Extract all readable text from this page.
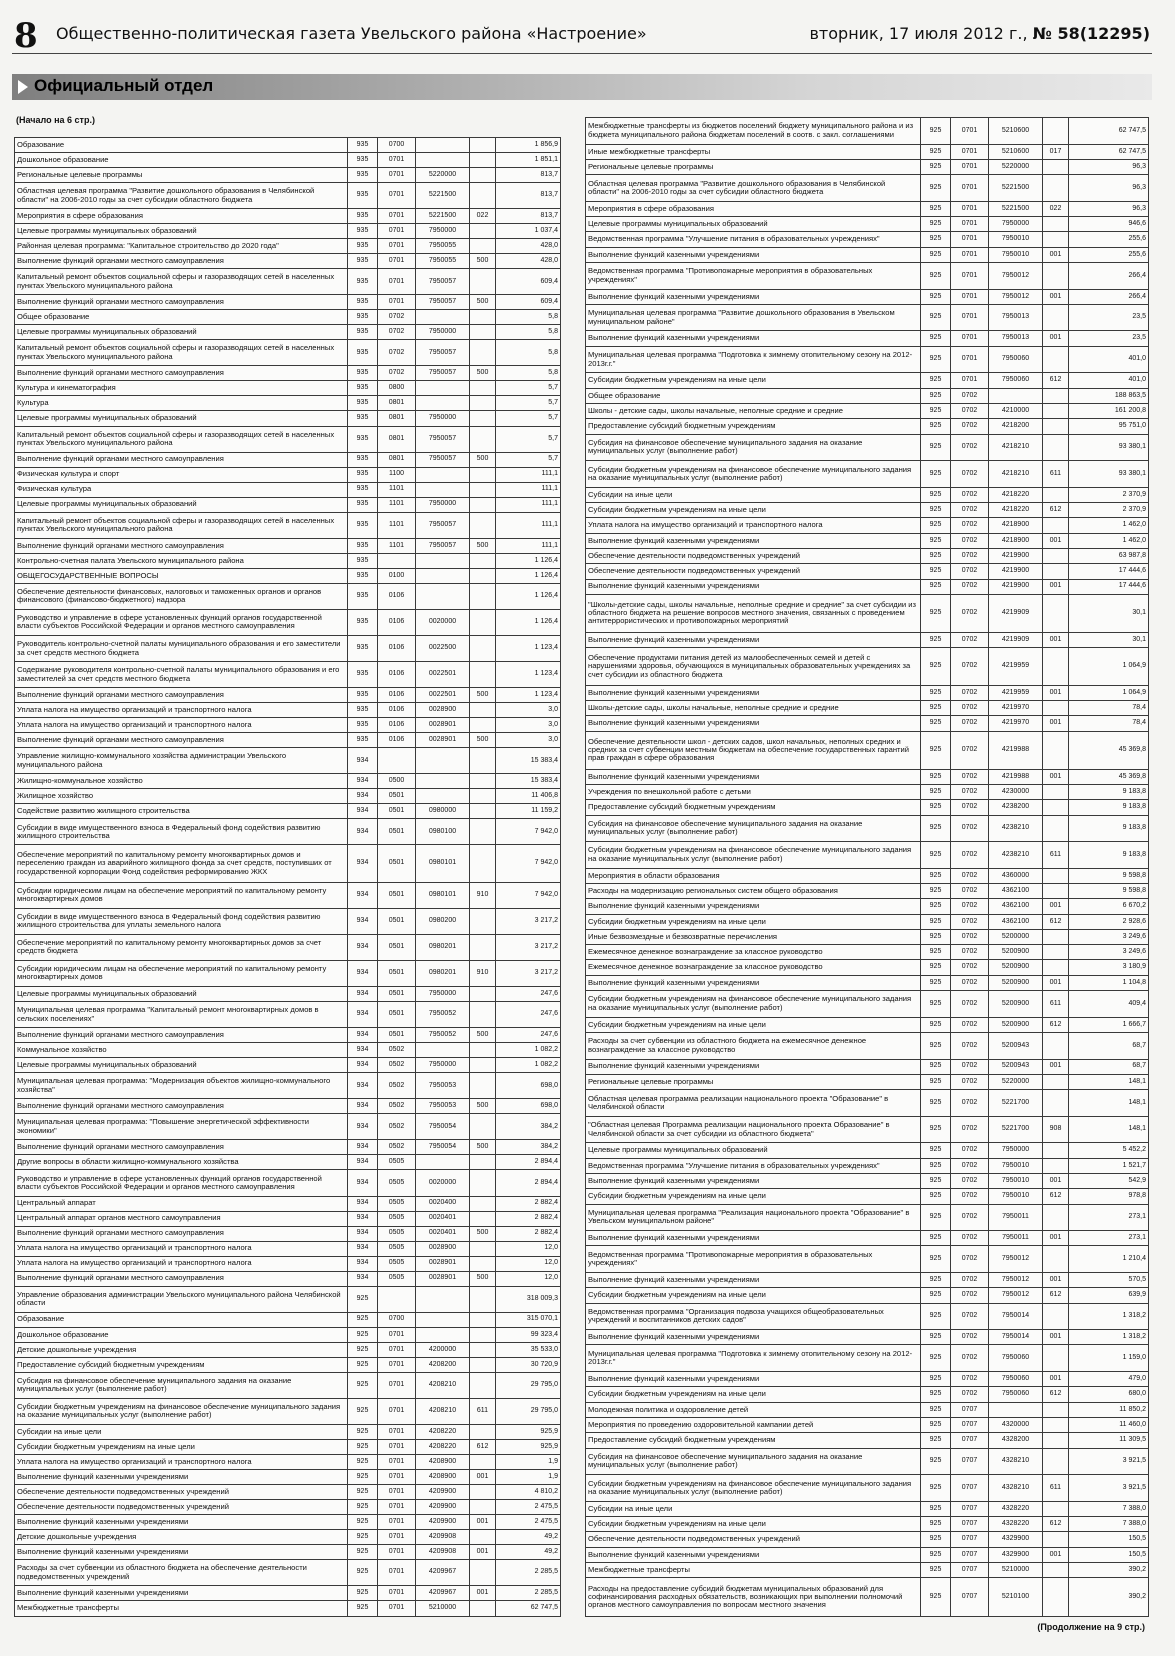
8 Общественно-политическая газета Увельского района «Настроение»	вторник, 17 июля 2012 г., № 58(12295)
Официальный отдел
(Начало на 6 стр.)
Образование	935	0700			1 856,9
Дошкольное образование	935	0701			1 851,1
Региональные целевые программы	935	0701	5220000		813,7
Областная целевая программа "Развитие дошкольного образования в Челябинской области" на 2006-2010 годы за счет субсидии областного бюджета	935	0701	5221500		813,7
Мероприятия в сфере образования	935	0701	5221500	022	813,7
Целевые программы муниципальных образований	935	0701	7950000		1 037,4
Районная целевая программа: "Капитальное строительство до 2020 года"	935	0701	7950055		428,0
Выполнение функций органами местного самоуправления	935	0701	7950055	500	428,0
Капитальный ремонт объектов социальной сферы и газоразводящих сетей в населенных пунктах Увельского муниципального района	935	0701	7950057		609,4
Выполнение функций органами местного самоуправления	935	0701	7950057	500	609,4
Общее образование	935	0702			5,8
Целевые программы муниципальных образований	935	0702	7950000		5,8
Капитальный ремонт объектов социальной сферы и газоразводящих сетей в населенных пунктах Увельского муниципального района	935	0702	7950057		5,8
Выполнение функций органами местного самоуправления	935	0702	7950057	500	5,8
Культура и кинематография	935	0800			5,7
Культура	935	0801			5,7
Целевые программы муниципальных образований	935	0801	7950000		5,7
Капитальный ремонт объектов социальной сферы и газоразводящих сетей в населенных пунктах Увельского муниципального района	935	0801	7950057		5,7
Выполнение функций органами местного самоуправления	935	0801	7950057	500	5,7
Физическая культура и спорт	935	1100			111,1
Физическая культура	935	1101			111,1
Целевые программы муниципальных образований	935	1101	7950000		111,1
Капитальный ремонт объектов социальной сферы и газоразводящих сетей в населенных пунктах Увельского муниципального района	935	1101	7950057		111,1
Выполнение функций органами местного самоуправления	935	1101	7950057	500	111,1
Контрольно-счетная палата Увельского муниципального района	935				1 126,4
ОБЩЕГОСУДАРСТВЕННЫЕ ВОПРОСЫ	935	0100			1 126,4
Обеспечение деятельности финансовых, налоговых и таможенных органов и органов финансового (финансово-бюджетного) надзора	935	0106			1 126,4
Руководство и управление в сфере установленных функций органов государственной власти субъектов Российской Федерации и органов местного самоуправления	935	0106	0020000		1 126,4
Руководитель контрольно-счетной палаты муниципального образования и его заместители за счет средств местного бюджета	935	0106	0022500		1 123,4
Содержание руководителя контрольно-счетной палаты муниципального образования и его заместителей за счет средств местного бюджета	935	0106	0022501		1 123,4
Выполнение функций органами местного самоуправления	935	0106	0022501	500	1 123,4
Уплата налога на имущество организаций и транспортного налога	935	0106	0028900		3,0
Уплата налога на имущество организаций и транспортного налога	935	0106	0028901		3,0
Выполнение функций органами местного самоуправления	935	0106	0028901	500	3,0
Управление жилищно-коммунального хозяйства администрации Увельского муниципального района	934				15 383,4
Жилищно-коммунальное хозяйство	934	0500			15 383,4
Жилищное хозяйство	934	0501			11 406,8
Содействие развитию жилищного строительства	934	0501	0980000		11 159,2
Субсидии в виде имущественного взноса в Федеральный фонд содействия развитию жилищного строительства	934	0501	0980100		7 942,0
Обеспечение мероприятий по капитальному ремонту многоквартирных домов и переселению граждан из аварийного жилищного фонда за счет средств, поступивших от государственной корпорации Фонд содействия реформированию ЖКХ	934	0501	0980101		7 942,0
Субсидии юридическим лицам на обеспечение мероприятий по капитальному ремонту многоквартирных домов	934	0501	0980101	910	7 942,0
Субсидии в виде имущественного взноса в Федеральный фонд содействия развитию жилищного строительства для уплаты земельного налога	934	0501	0980200		3 217,2
Обеспечение мероприятий по капитальному ремонту многоквартирных домов за счет средств бюджета	934	0501	0980201		3 217,2
Субсидии юридическим лицам на обеспечение мероприятий по капитальному ремонту многоквартирных домов	934	0501	0980201	910	3 217,2
Целевые программы муниципальных образований	934	0501	7950000		247,6
Муниципальная целевая программа "Капитальный ремонт многоквартирных домов в сельских поселениях"	934	0501	7950052		247,6
Выполнение функций органами местного самоуправления	934	0501	7950052	500	247,6
Коммунальное хозяйство	934	0502			1 082,2
Целевые программы муниципальных образований	934	0502	7950000		1 082,2
Муниципальная целевая программа: "Модернизация объектов жилищно-коммунального хозяйства"	934	0502	7950053		698,0
Выполнение функций органами местного самоуправления	934	0502	7950053	500	698,0
Муниципальная целевая программа: "Повышение энергетической эффективности экономики"	934	0502	7950054		384,2
Выполнение функций органами местного самоуправления	934	0502	7950054	500	384,2
Другие вопросы в области жилищно-коммунального хозяйства	934	0505			2 894,4
Руководство и управление в сфере установленных функций органов государственной власти субъектов Российской Федерации и органов местного самоуправления	934	0505	0020000		2 894,4
Центральный аппарат	934	0505	0020400		2 882,4
Центральный аппарат органов местного самоуправления	934	0505	0020401		2 882,4
Выполнение функций органами местного самоуправления	934	0505	0020401	500	2 882,4
Уплата налога на имущество организаций и транспортного налога	934	0505	0028900		12,0
Уплата налога на имущество организаций и транспортного налога	934	0505	0028901		12,0
Выполнение функций органами местного самоуправления	934	0505	0028901	500	12,0
Управление образования администрации Увельского муниципального района Челябинской области	925				318 009,3
Образование	925	0700			315 070,1
Дошкольное образование	925	0701			99 323,4
Детские дошкольные учреждения	925	0701	4200000		35 533,0
Предоставление субсидий бюджетным учреждениям	925	0701	4208200		30 720,9
Субсидия на финансовое обеспечение муниципального задания на оказание муниципальных услуг (выполнение работ)	925	0701	4208210		29 795,0
Субсидии бюджетным учреждениям на финансовое обеспечение муниципального задания на оказание муниципальных услуг (выполнение работ)	925	0701	4208210	611	29 795,0
Субсидии на иные цели	925	0701	4208220		925,9
Субсидии бюджетным учреждениям на иные цели	925	0701	4208220	612	925,9
Уплата налога на имущество организаций и транспортного налога	925	0701	4208900		1,9
Выполнение функций казенными учреждениями	925	0701	4208900	001	1,9
Обеспечение деятельности подведомственных учреждений	925	0701	4209900		4 810,2
Обеспечение деятельности подведомственных учреждений	925	0701	4209900		2 475,5
Выполнение функций казенными учреждениями	925	0701	4209900	001	2 475,5
Детские дошкольные учреждения	925	0701	4209908		49,2
Выполнение функций казенными учреждениями	925	0701	4209908	001	49,2
Расходы за счет субвенции из областного бюджета на обеспечение деятельности подведомственных учреждений	925	0701	4209967		2 285,5
Выполнение функций казенными учреждениями	925	0701	4209967	001	2 285,5
Межбюджетные трансферты	925	0701	5210000		62 747,5
Межбюджетные трансферты из бюджетов поселений бюджету муниципального района и из бюджета муниципального района бюджетам поселений в соотв. с закл. соглашениями	925	0701	5210600		62 747,5
Иные межбюджетные трансферты	925	0701	5210600	017	62 747,5
Региональные целевые программы	925	0701	5220000		96,3
Областная целевая программа "Развитие дошкольного образования в Челябинской области" на 2006-2010 годы за счет субсидии областного бюджета	925	0701	5221500		96,3
Мероприятия в сфере образования	925	0701	5221500	022	96,3
Целевые программы муниципальных образований	925	0701	7950000		946,6
Ведомственная программа "Улучшение питания в образовательных учреждениях"	925	0701	7950010		255,6
Выполнение функций казенными учреждениями	925	0701	7950010	001	255,6
Ведомственная программа "Противопожарные мероприятия в образовательных учреждениях"	925	0701	7950012		266,4
Выполнение функций казенными учреждениями	925	0701	7950012	001	266,4
Муниципальная целевая программа "Развитие дошкольного образования в Увельском муниципальном районе"	925	0701	7950013		23,5
Выполнение функций казенными учреждениями	925	0701	7950013	001	23,5
Муниципальная целевая программа "Подготовка к зимнему отопительному сезону на 2012-2013г.г."	925	0701	7950060		401,0
Субсидии бюджетным учреждениям на иные цели	925	0701	7950060	612	401,0
Общее образование	925	0702			188 863,5
Школы - детские сады, школы начальные, неполные средние и средние	925	0702	4210000		161 200,8
Предоставление субсидий бюджетным учреждениям	925	0702	4218200		95 751,0
Субсидия на финансовое обеспечение муниципального задания на оказание муниципальных услуг (выполнение работ)	925	0702	4218210		93 380,1
Субсидии бюджетным учреждениям на финансовое обеспечение муниципального задания на оказание муниципальных услуг (выполнение работ)	925	0702	4218210	611	93 380,1
Субсидии на иные цели	925	0702	4218220		2 370,9
Субсидии бюджетным учреждениям на иные цели	925	0702	4218220	612	2 370,9
Уплата налога на имущество организаций и транспортного налога	925	0702	4218900		1 462,0
Выполнение функций казенными учреждениями	925	0702	4218900	001	1 462,0
Обеспечение деятельности подведомственных учреждений	925	0702	4219900		63 987,8
Обеспечение деятельности подведомственных учреждений	925	0702	4219900		17 444,6
Выполнение функций казенными учреждениями	925	0702	4219900	001	17 444,6
"Школы-детские сады, школы начальные, неполные средние и средние" за счет субсидии из областного бюджета на решение вопросов местного значения, связанных с проведением антитеррористических и противопожарных мероприятий	925	0702	4219909		30,1
Выполнение функций казенными учреждениями	925	0702	4219909	001	30,1
Обеспечение продуктами питания детей из малообеспеченных семей и детей с нарушениями здоровья, обучающихся в муниципальных образовательных учреждениях за счет субсидии из областного бюджета	925	0702	4219959		1 064,9
Выполнение функций казенными учреждениями	925	0702	4219959	001	1 064,9
Школы-детские сады, школы начальные, неполные средние и средние	925	0702	4219970		78,4
Выполнение функций казенными учреждениями	925	0702	4219970	001	78,4
Обеспечение деятельности школ - детских садов, школ начальных, неполных средних и средних за счет субвенции местным бюджетам на обеспечение государственных гарантий прав граждан в сфере образования	925	0702	4219988		45 369,8
Выполнение функций казенными учреждениями	925	0702	4219988	001	45 369,8
Учреждения по внешкольной работе с детьми	925	0702	4230000		9 183,8
Предоставление субсидий бюджетным учреждениям	925	0702	4238200		9 183,8
Субсидия на финансовое обеспечение муниципального задания на оказание муниципальных услуг (выполнение работ)	925	0702	4238210		9 183,8
Субсидии бюджетным учреждениям на финансовое обеспечение муниципального задания на оказание муниципальных услуг (выполнение работ)	925	0702	4238210	611	9 183,8
Мероприятия в области образования	925	0702	4360000		9 598,8
Расходы на модернизацию региональных систем общего образования	925	0702	4362100		9 598,8
Выполнение функций казенными учреждениями	925	0702	4362100	001	6 670,2
Субсидии бюджетным учреждениям на иные цели	925	0702	4362100	612	2 928,6
Иные безвозмездные и безвозвратные перечисления	925	0702	5200000		3 249,6
Ежемесячное денежное вознаграждение за классное руководство	925	0702	5200900		3 249,6
Ежемесячное денежное вознаграждение за классное руководство	925	0702	5200900		3 180,9
Выполнение функций казенными учреждениями	925	0702	5200900	001	1 104,8
Субсидии бюджетным учреждениям на финансовое обеспечение муниципального задания на оказание муниципальных услуг (выполнение работ)	925	0702	5200900	611	409,4
Субсидии бюджетным учреждениям на иные цели	925	0702	5200900	612	1 666,7
Расходы за счет субвенции из областного бюджета на ежемесячное денежное вознаграждение за классное руководство	925	0702	5200943		68,7
Выполнение функций казенными учреждениями	925	0702	5200943	001	68,7
Региональные целевые программы	925	0702	5220000		148,1
Областная целевая программа реализации национального проекта "Образование" в Челябинской области	925	0702	5221700		148,1
"Областная целевая Программа реализации национального проекта Образование" в Челябинской области за счет субсидии из областного бюджета"	925	0702	5221700	908	148,1
Целевые программы муниципальных образований	925	0702	7950000		5 452,2
Ведомственная программа "Улучшение питания в образовательных учреждениях"	925	0702	7950010		1 521,7
Выполнение функций казенными учреждениями	925	0702	7950010	001	542,9
Субсидии бюджетным учреждениям на иные цели	925	0702	7950010	612	978,8
Муниципальная целевая программа "Реализация национального проекта "Образование" в Увельском муниципальном районе"	925	0702	7950011		273,1
Выполнение функций казенными учреждениями	925	0702	7950011	001	273,1
Ведомственная программа "Противопожарные мероприятия в образовательных учреждениях"	925	0702	7950012		1 210,4
Выполнение функций казенными учреждениями	925	0702	7950012	001	570,5
Субсидии бюджетным учреждениям на иные цели	925	0702	7950012	612	639,9
Ведомственная программа "Организация подвоза учащихся общеобразовательных учреждений и воспитанников детских садов"	925	0702	7950014		1 318,2
Выполнение функций казенными учреждениями	925	0702	7950014	001	1 318,2
Муниципальная целевая программа "Подготовка к зимнему отопительному сезону на 2012-2013г.г."	925	0702	7950060		1 159,0
Выполнение функций казенными учреждениями	925	0702	7950060	001	479,0
Субсидии бюджетным учреждениям на иные цели	925	0702	7950060	612	680,0
Молодежная политика и оздоровление детей	925	0707			11 850,2
Мероприятия по проведению оздоровительной кампании детей	925	0707	4320000		11 460,0
Предоставление субсидий бюджетным учреждениям	925	0707	4328200		11 309,5
Субсидия на финансовое обеспечение муниципального задания на оказание муниципальных услуг (выполнение работ)	925	0707	4328210		3 921,5
Субсидии бюджетным учреждениям на финансовое обеспечение муниципального задания на оказание муниципальных услуг (выполнение работ)	925	0707	4328210	611	3 921,5
Субсидии на иные цели	925	0707	4328220		7 388,0
Субсидии бюджетным учреждениям на иные цели	925	0707	4328220	612	7 388,0
Обеспечение деятельности подведомственных учреждений	925	0707	4329900		150,5
Выполнение функций казенными учреждениями	925	0707	4329900	001	150,5
Межбюджетные трансферты	925	0707	5210000		390,2
Расходы на предоставление субсидий бюджетам муниципальных образований для софинансирования расходных обязательств, возникающих при выполнении полномочий органов местного самоуправления по вопросам местного значения	925	0707	5210100		390,2
(Продолжение на 9 стр.)
